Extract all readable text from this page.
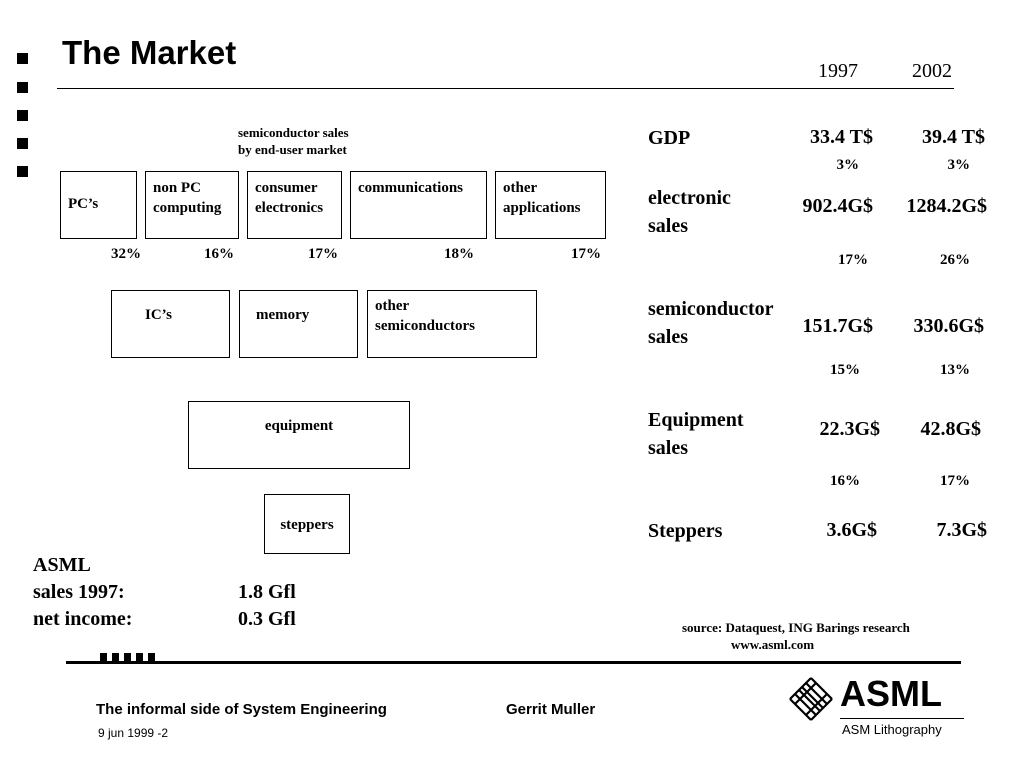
The Market	1997	2002
semiconductor sales
by end-user market
PC’s
non PC
computing
consumer
electronics
communications	other
applications
32%	16%	17%	18%	17%
IC’s	memory
other
semiconductors
equipment
steppers
GDP	33.4 T$ 39.4 T$
3%	3%
electronic
sales
902.4G$ 1284.2G$
17%	26%
semiconductor
sales	151.7G$ 330.6G$
15%	13%
Equipment
sales
22.3G$ 42.8G$
16%	17%
Steppers	3.6G$	7.3G$
ASML
sales 1997:	1.8 Gfl
net income:	0.3 Gfl	source: Dataquest, ING Barings research
www.asml.com
The informal side of System Engineering	Gerrit Muller
9 jun 1999 -2
ASML
ASM Lithography
